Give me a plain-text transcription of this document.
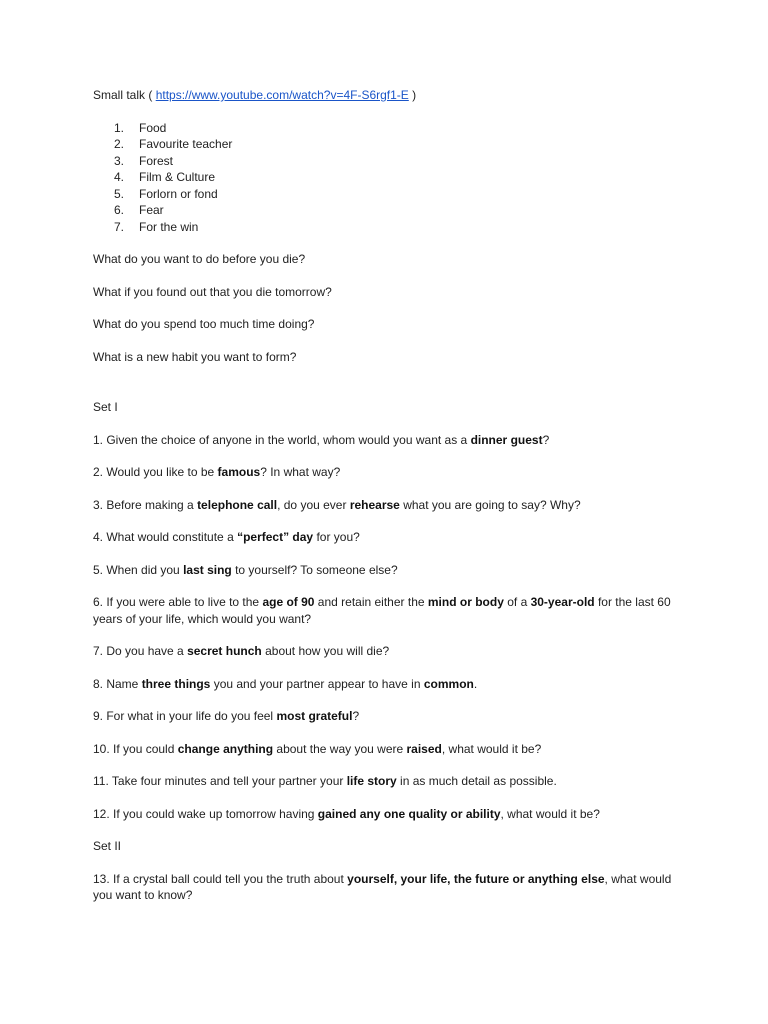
Small talk ( https://www.youtube.com/watch?v=4F-S6rgf1-E )

1. Food
2. Favourite teacher
3. Forest
4. Film & Culture
5. Forlorn or fond
6. Fear
7. For the win

What do you want to do before you die?

What if you found out that you die tomorrow?

What do you spend too much time doing?

What is a new habit you want to form?

Set I

1. Given the choice of anyone in the world, whom would you want as a dinner guest?

2. Would you like to be famous? In what way?

3. Before making a telephone call, do you ever rehearse what you are going to say? Why?

4. What would constitute a “perfect” day for you?

5. When did you last sing to yourself? To someone else?

6. If you were able to live to the age of 90 and retain either the mind or body of a 30-year-old for the last 60 years of your life, which would you want?

7. Do you have a secret hunch about how you will die?

8. Name three things you and your partner appear to have in common.

9. For what in your life do you feel most grateful?

10. If you could change anything about the way you were raised, what would it be?

11. Take four minutes and tell your partner your life story in as much detail as possible.

12. If you could wake up tomorrow having gained any one quality or ability, what would it be?

Set II

13. If a crystal ball could tell you the truth about yourself, your life, the future or anything else, what would you want to know?
